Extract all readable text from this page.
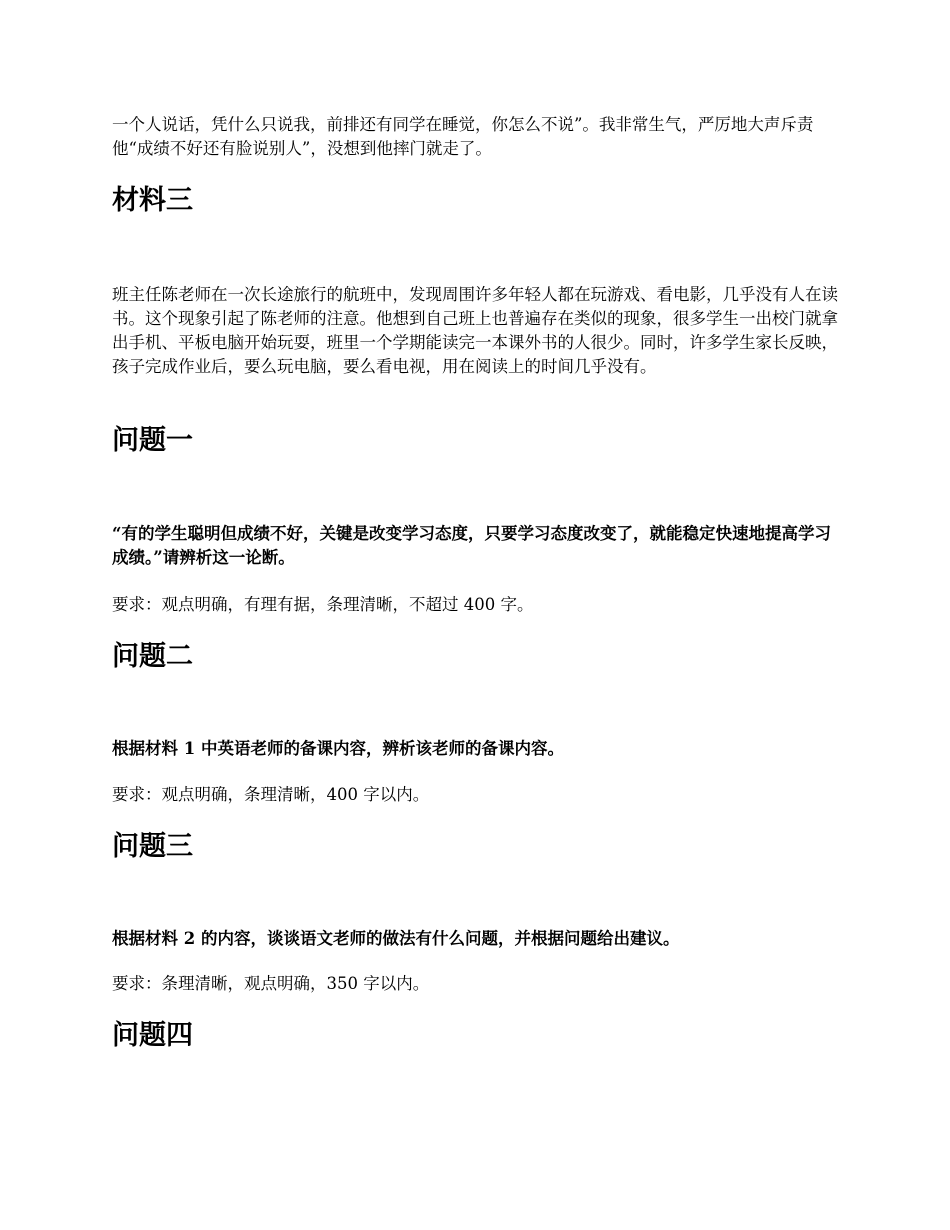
一个人说话，凭什么只说我，前排还有同学在睡觉，你怎么不说”。我非常生气，严厉地大声斥责他“成绩不好还有脸说别人”，没想到他摔门就走了。

材料三

班主任陈老师在一次长途旅行的航班中，发现周围许多年轻人都在玩游戏、看电影，几乎没有人在读书。这个现象引起了陈老师的注意。他想到自己班上也普遍存在类似的现象，很多学生一出校门就拿出手机、平板电脑开始玩耍，班里一个学期能读完一本课外书的人很少。同时，许多学生家长反映，孩子完成作业后，要么玩电脑，要么看电视，用在阅读上的时间几乎没有。

问题一

“有的学生聪明但成绩不好，关键是改变学习态度，只要学习态度改变了，就能稳定快速地提高学习成绩。”请辨析这一论断。

要求：观点明确，有理有据，条理清晰，不超过 400 字。

问题二

根据材料 1 中英语老师的备课内容，辨析该老师的备课内容。

要求：观点明确，条理清晰，400 字以内。

问题三

根据材料 2 的内容，谈谈语文老师的做法有什么问题，并根据问题给出建议。

要求：条理清晰，观点明确，350 字以内。

问题四
